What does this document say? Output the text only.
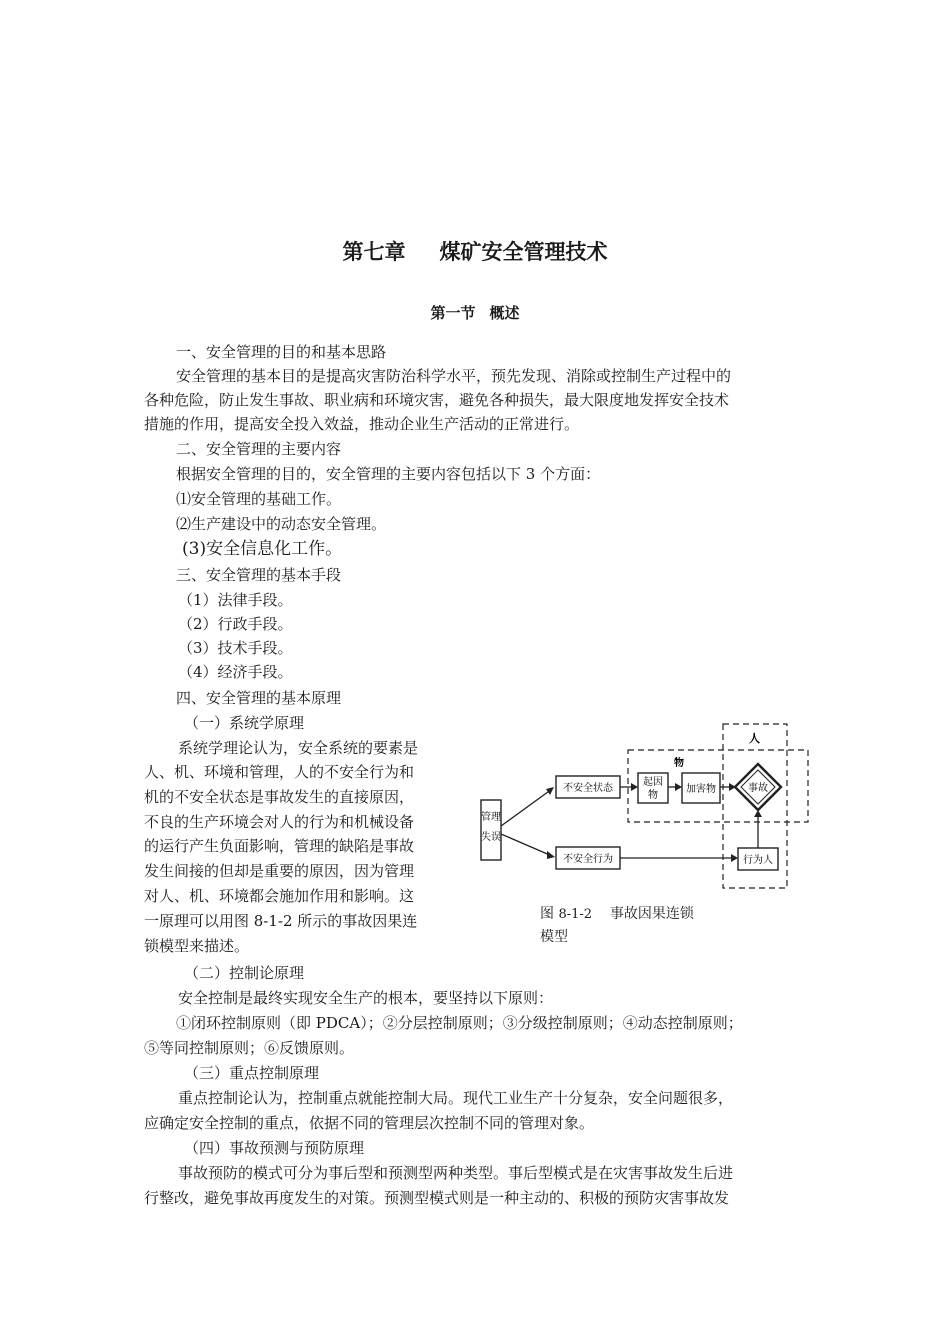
第七章 煤矿安全管理技术
第一节 概述
一、安全管理的目的和基本思路
安全管理的基本目的是提高灾害防治科学水平，预先发现、消除或控制生产过程中的
各种危险，防止发生事故、职业病和环境灾害，避免各种损失，最大限度地发挥安全技术
措施的作用，提高安全投入效益，推动企业生产活动的正常进行。
二、安全管理的主要内容
根据安全管理的目的，安全管理的主要内容包括以下 3 个方面：
⑴安全管理的基础工作。
⑵生产建设中的动态安全管理。
(3)安全信息化工作。
三、安全管理的基本手段
（1）法律手段。
（2）行政手段。
（3）技术手段。
（4）经济手段。
四、安全管理的基本原理
（一）系统学原理
系统学理论认为，安全系统的要素是
人、机、环境和管理，人的不安全行为和
机的不安全状态是事故发生的直接原因，
不良的生产环境会对人的行为和机械设备
的运行产生负面影响，管理的缺陷是事故
发生间接的但却是重要的原因，因为管理
对人、机、环境都会施加作用和影响。这
一原理可以用图 8-1-2 所示的事故因果连
锁模型来描述。
物
人
管理
失误
不安全状态
起因
物
加害物	事故
不安全行为	行为人
图 8-1-2 事故因果连锁
模型
（二）控制论原理
安全控制是最终实现安全生产的根本，要坚持以下原则：
①闭环控制原则（即 PDCA）；②分层控制原则；③分级控制原则；④动态控制原则；
⑤等同控制原则；⑥反馈原则。
（三）重点控制原理
重点控制论认为，控制重点就能控制大局。现代工业生产十分复杂，安全问题很多，
应确定安全控制的重点，依据不同的管理层次控制不同的管理对象。
（四）事故预测与预防原理
事故预防的模式可分为事后型和预测型两种类型。事后型模式是在灾害事故发生后进
行整改，避免事故再度发生的对策。预测型模式则是一种主动的、积极的预防灾害事故发
